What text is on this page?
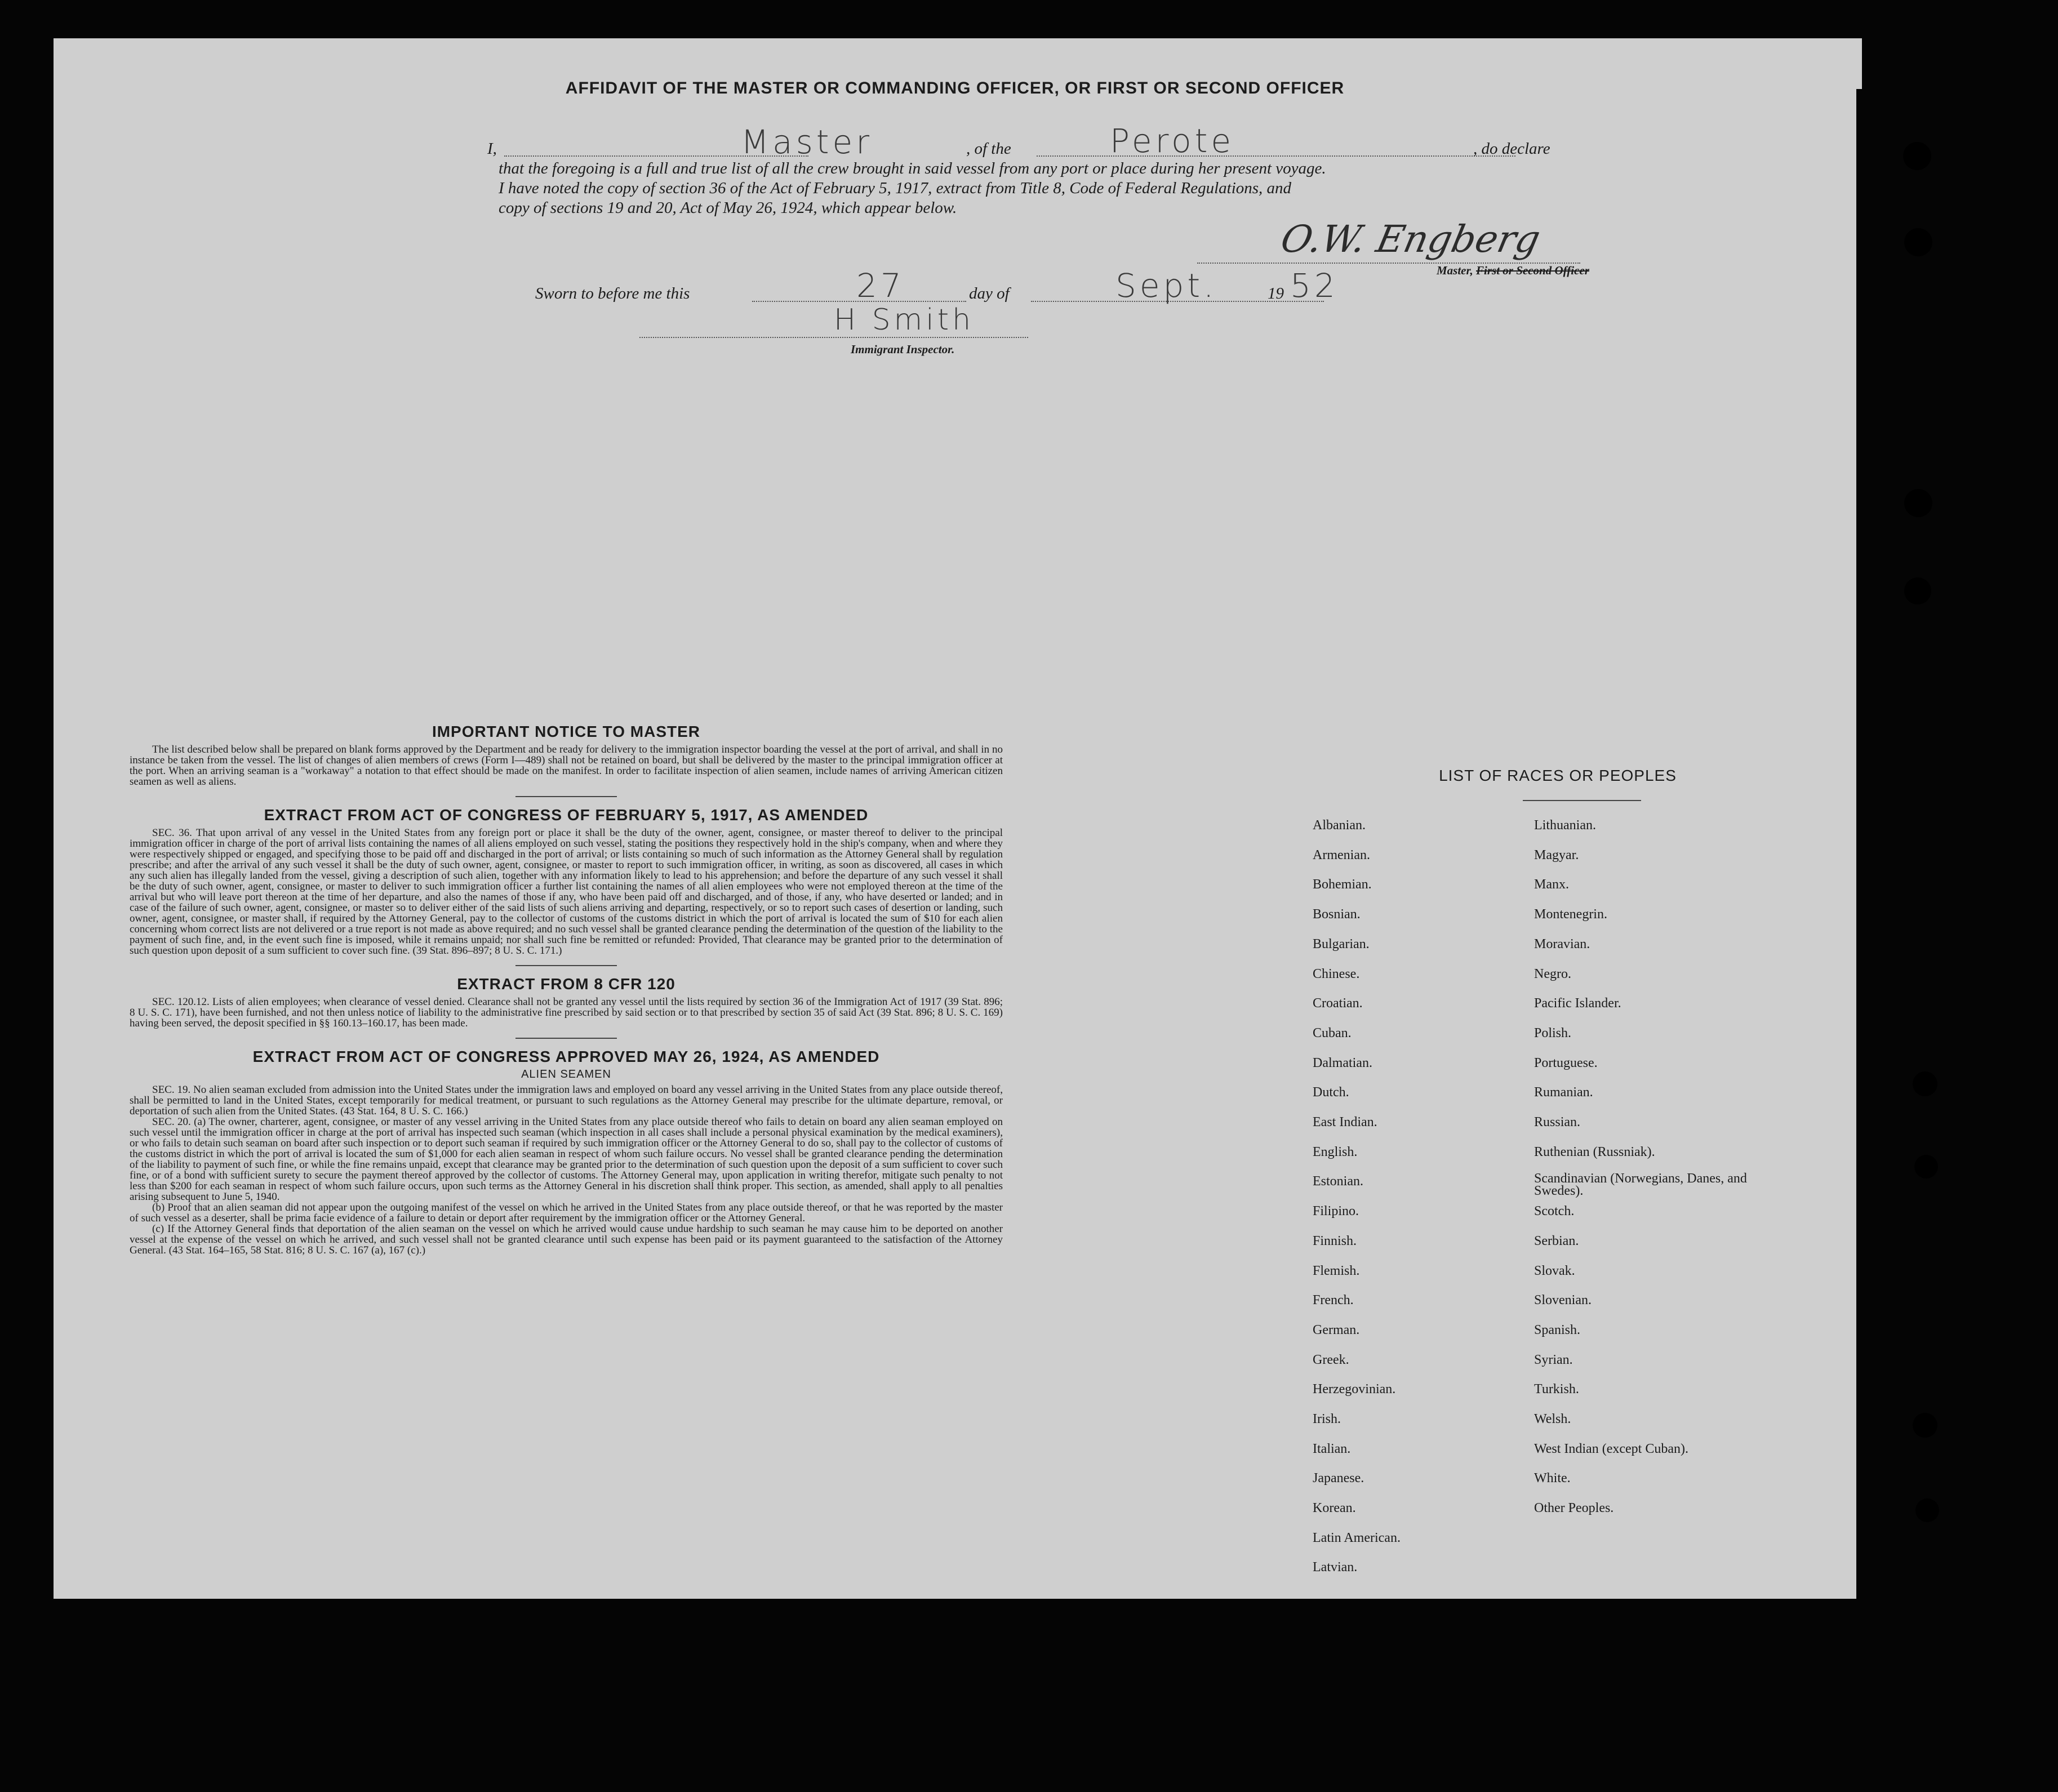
AFFIDAVIT OF THE MASTER OR COMMANDING OFFICER, OR FIRST OR SECOND OFFICER
I,	Master	, of the	Perote	, do declare
that the foregoing is a full and true list of all the crew brought in said vessel from any port or place during her present voyage.
I have noted the copy of section 36 of the Act of February 5, 1917, extract from Title 8, Code of Federal Regulations, and
copy of sections 19 and 20, Act of May 26, 1924, which appear below.
O.W. Engberg
Master, First or Second Officer
Sworn to before me this	27	day of	Sept.	19 52
H Smith
Immigrant Inspector.
IMPORTANT NOTICE TO MASTER

The list described below shall be prepared on blank forms approved by the Department and be ready for delivery to the immigration inspector boarding the vessel at the port of arrival, and shall in no instance be taken from the vessel. The list of changes of alien members of crews (Form I—489) shall not be retained on board, but shall be delivered by the master to the principal immigration officer at the port. When an arriving seaman is a "workaway" a notation to that effect should be made on the manifest. In order to facilitate inspection of alien seamen, include names of arriving American citizen seamen as well as aliens.

EXTRACT FROM ACT OF CONGRESS OF FEBRUARY 5, 1917, AS AMENDED

SEC. 36. That upon arrival of any vessel in the United States from any foreign port or place it shall be the duty of the owner, agent, consignee, or master thereof to deliver to the principal immigration officer in charge of the port of arrival lists containing the names of all aliens employed on such vessel, stating the positions they respectively hold in the ship's company, when and where they were respectively shipped or engaged, and specifying those to be paid off and discharged in the port of arrival; or lists containing so much of such information as the Attorney General shall by regulation prescribe; and after the arrival of any such vessel it shall be the duty of such owner, agent, consignee, or master to report to such immigration officer, in writing, as soon as discovered, all cases in which any such alien has illegally landed from the vessel, giving a description of such alien, together with any information likely to lead to his apprehension; and before the departure of any such vessel it shall be the duty of such owner, agent, consignee, or master to deliver to such immigration officer a further list containing the names of all alien employees who were not employed thereon at the time of the arrival but who will leave port thereon at the time of her departure, and also the names of those if any, who have been paid off and discharged, and of those, if any, who have deserted or landed; and in case of the failure of such owner, agent, consignee, or master so to deliver either of the said lists of such aliens arriving and departing, respectively, or so to report such cases of desertion or landing, such owner, agent, consignee, or master shall, if required by the Attorney General, pay to the collector of customs of the customs district in which the port of arrival is located the sum of $10 for each alien concerning whom correct lists are not delivered or a true report is not made as above required; and no such vessel shall be granted clearance pending the determination of the question of the liability to the payment of such fine, and, in the event such fine is imposed, while it remains unpaid; nor shall such fine be remitted or refunded: Provided, That clearance may be granted prior to the determination of such question upon deposit of a sum sufficient to cover such fine. (39 Stat. 896–897; 8 U. S. C. 171.)

EXTRACT FROM 8 CFR 120

SEC. 120.12. Lists of alien employees; when clearance of vessel denied. Clearance shall not be granted any vessel until the lists required by section 36 of the Immigration Act of 1917 (39 Stat. 896; 8 U. S. C. 171), have been furnished, and not then unless notice of liability to the administrative fine prescribed by said section or to that prescribed by section 35 of said Act (39 Stat. 896; 8 U. S. C. 169) having been served, the deposit specified in §§ 160.13–160.17, has been made.

EXTRACT FROM ACT OF CONGRESS APPROVED MAY 26, 1924, AS AMENDED
ALIEN SEAMEN

SEC. 19. No alien seaman excluded from admission into the United States under the immigration laws and employed on board any vessel arriving in the United States from any place outside thereof, shall be permitted to land in the United States, except temporarily for medical treatment, or pursuant to such regulations as the Attorney General may prescribe for the ultimate departure, removal, or deportation of such alien from the United States. (43 Stat. 164, 8 U. S. C. 166.)

SEC. 20. (a) The owner, charterer, agent, consignee, or master of any vessel arriving in the United States from any place outside thereof who fails to detain on board any alien seaman employed on such vessel until the immigration officer in charge at the port of arrival has inspected such seaman (which inspection in all cases shall include a personal physical examination by the medical examiners), or who fails to detain such seaman on board after such inspection or to deport such seaman if required by such immigration officer or the Attorney General to do so, shall pay to the collector of customs of the customs district in which the port of arrival is located the sum of $1,000 for each alien seaman in respect of whom such failure occurs. No vessel shall be granted clearance pending the determination of the liability to payment of such fine, or while the fine remains unpaid, except that clearance may be granted prior to the determination of such question upon the deposit of a sum sufficient to cover such fine, or of a bond with sufficient surety to secure the payment thereof approved by the collector of customs. The Attorney General may, upon application in writing therefor, mitigate such penalty to not less than $200 for each seaman in respect of whom such failure occurs, upon such terms as the Attorney General in his discretion shall think proper. This section, as amended, shall apply to all penalties arising subsequent to June 5, 1940.

(b) Proof that an alien seaman did not appear upon the outgoing manifest of the vessel on which he arrived in the United States from any place outside thereof, or that he was reported by the master of such vessel as a deserter, shall be prima facie evidence of a failure to detain or deport after requirement by the immigration officer or the Attorney General.

(c) If the Attorney General finds that deportation of the alien seaman on the vessel on which he arrived would cause undue hardship to such seaman he may cause him to be deported on another vessel at the expense of the vessel on which he arrived, and such vessel shall not be granted clearance until such expense has been paid or its payment guaranteed to the satisfaction of the Attorney General. (43 Stat. 164–165, 58 Stat. 816; 8 U. S. C. 167 (a), 167 (c).)

LIST OF RACES OR PEOPLES
Albanian.
Armenian.
Bohemian.
Bosnian.
Bulgarian.
Chinese.
Croatian.
Cuban.
Dalmatian.
Dutch.
East Indian.
English.
Estonian.
Filipino.
Finnish.
Flemish.
French.
German.
Greek.
Herzegovinian.
Irish.
Italian.
Japanese.
Korean.
Latin American.
Latvian.
Lithuanian.
Magyar.
Manx.
Montenegrin.
Moravian.
Negro.
Pacific Islander.
Polish.
Portuguese.
Rumanian.
Russian.
Ruthenian (Russniak).
Scandinavian (Norwegians, Danes, and Swedes).
Scotch.
Serbian.
Slovak.
Slovenian.
Spanish.
Syrian.
Turkish.
Welsh.
West Indian (except Cuban).
White.
Other Peoples.
